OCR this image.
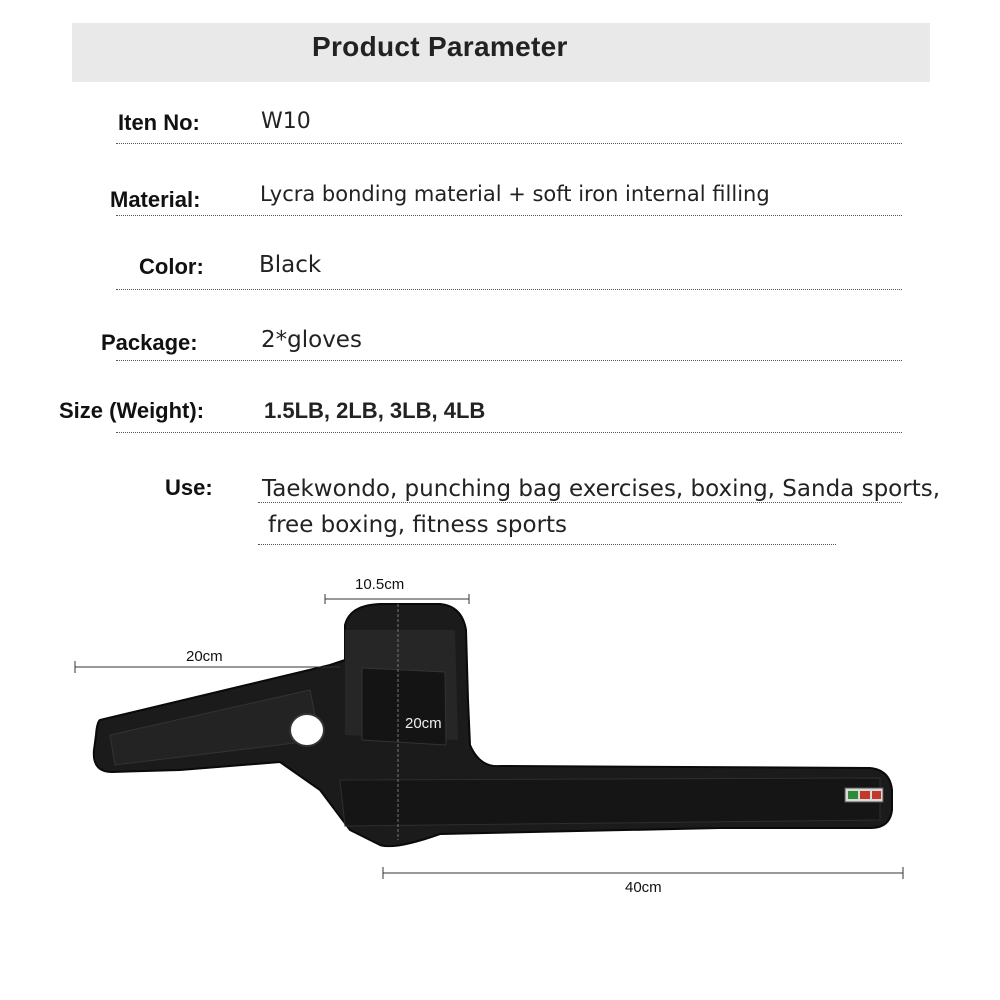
Product Parameter
Iten No:	W10
Material:	Lycra bonding material + soft iron internal filling
Color: Black
Package:	2*gloves
Size (Weight):	1.5LB, 2LB, 3LB, 4LB
Use: Taekwondo, punching bag exercises, boxing, Sanda sports,
free boxing, fitness sports
10.5cm
20cm
20cm
40cm
